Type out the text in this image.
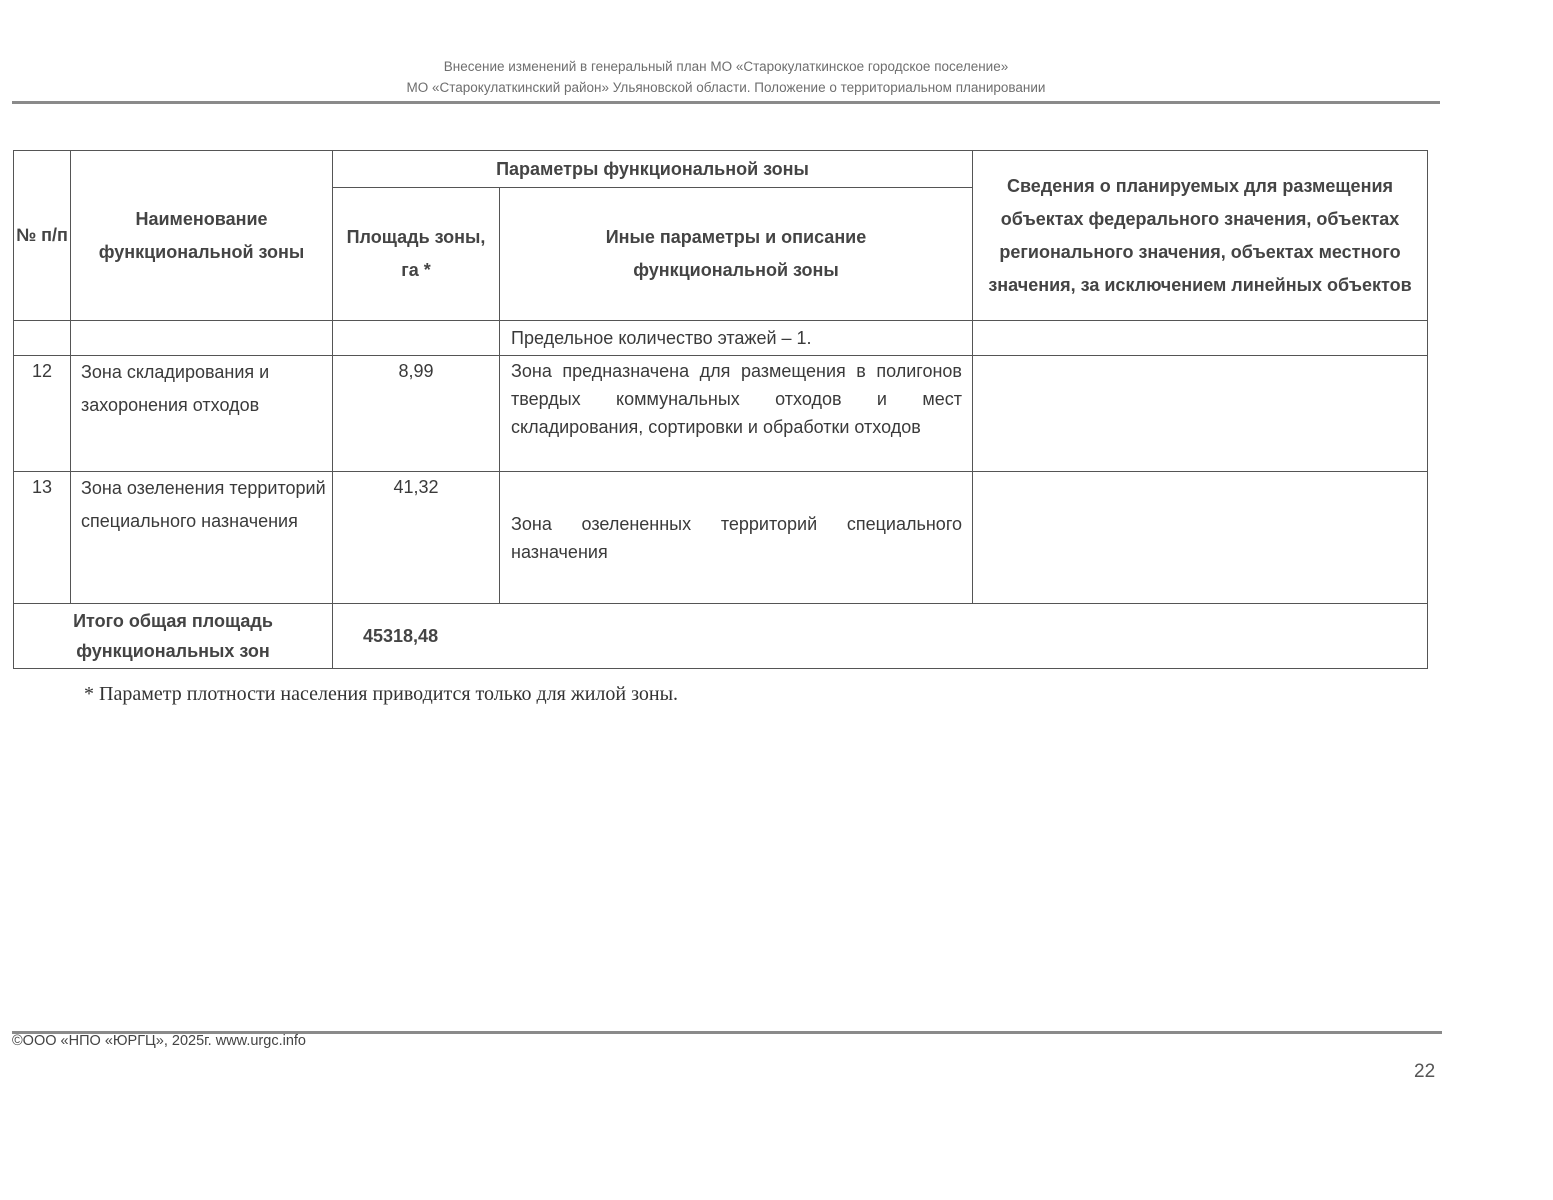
Внесение изменений в генеральный план МО «Старокулаткинское городское поселение»
МО «Старокулаткинский район» Ульяновской области. Положение о территориальном планировании
№ п/п	Наименование функциональной зоны	Параметры функциональной зоны		Сведения о планируемых для размещения объектах федерального значения, объектах регионального значения, объектах местного значения, за исключением линейных объектов
		Площадь зоны, га *	Иные параметры и описание функциональной зоны	
			Предельное количество этажей – 1.	
12	Зона складирования и захоронения отходов	8,99	Зона предназначена для размещения в полигонов твердых коммунальных отходов и мест складирования, сортировки и обработки отходов	
13	Зона озеленения территорий специального назначения	41,32	Зона озелененных территорий специального назначения	
Итого общая площадь функциональных зон		45318,48		
* Параметр плотности населения приводится только для жилой зоны.
©ООО «НПО «ЮРГЦ», 2025г. www.urgc.info
22
